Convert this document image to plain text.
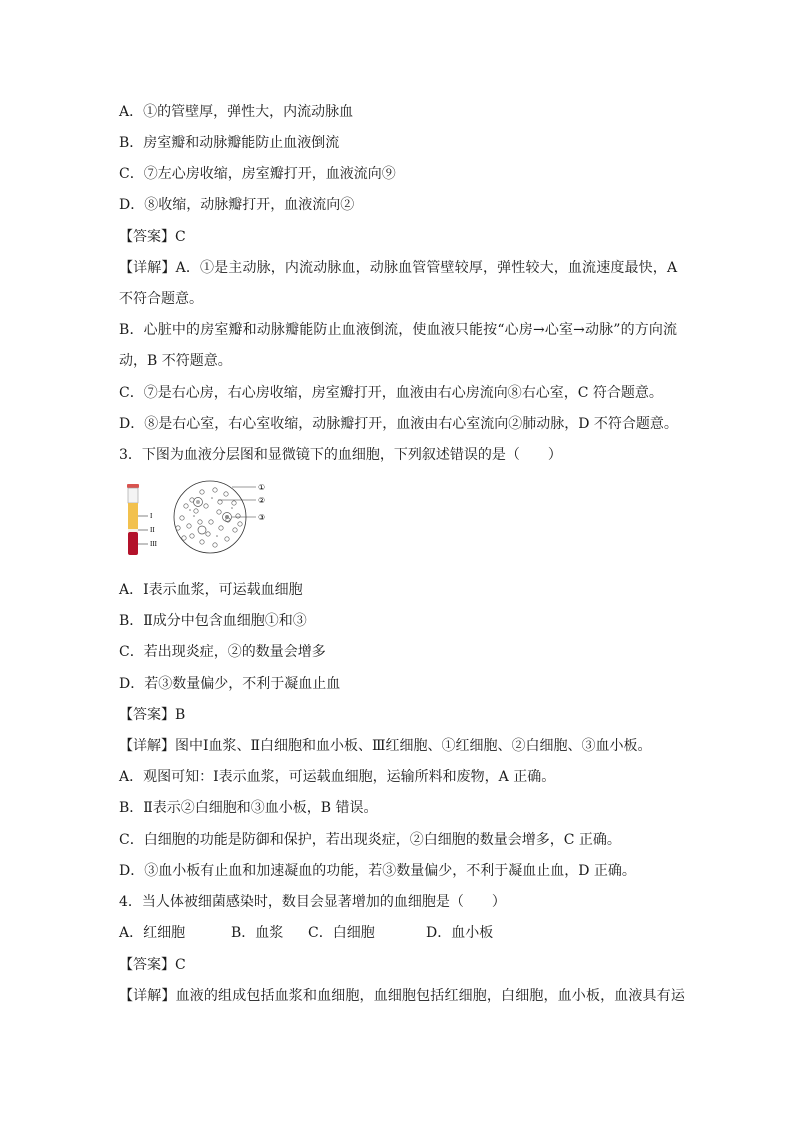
A．①的管壁厚，弹性大，内流动脉血
B．房室瓣和动脉瓣能防止血液倒流
C．⑦左心房收缩，房室瓣打开，血液流向⑨
D．⑧收缩，动脉瓣打开，血液流向②
【答案】C
【详解】A．①是主动脉，内流动脉血，动脉血管管壁较厚，弹性较大，血流速度最快，A
不符合题意。
B．心脏中的房室瓣和动脉瓣能防止血液倒流，使血液只能按“心房→心室→动脉”的方向流
动，B 不符题意。
C．⑦是右心房，右心房收缩，房室瓣打开，血液由右心房流向⑧右心室，C 符合题意。
D．⑧是右心室，右心室收缩，动脉瓣打开，血液由右心室流向②肺动脉，D 不符合题意。
3．下图为血液分层图和显微镜下的血细胞，下列叙述错误的是（　　）
I
II
III
①
②
③
A．Ⅰ表示血浆，可运载血细胞
B．Ⅱ成分中包含血细胞①和③
C．若出现炎症，②的数量会增多
D．若③数量偏少，不利于凝血止血
【答案】B
【详解】图中Ⅰ血浆、Ⅱ白细胞和血小板、Ⅲ红细胞、①红细胞、②白细胞、③血小板。
A．观图可知：Ⅰ表示血浆，可运载血细胞，运输所料和废物，A 正确。
B．Ⅱ表示②白细胞和③血小板，B 错误。
C．白细胞的功能是防御和保护，若出现炎症，②白细胞的数量会增多，C 正确。
D．③血小板有止血和加速凝血的功能，若③数量偏少，不利于凝血止血，D 正确。
4．当人体被细菌感染时，数目会显著增加的血细胞是（　　）
A．红细胞	B．血浆	C．白细胞	D．血小板
【答案】C
【详解】血液的组成包括血浆和血细胞，血细胞包括红细胞，白细胞，血小板，血液具有运
